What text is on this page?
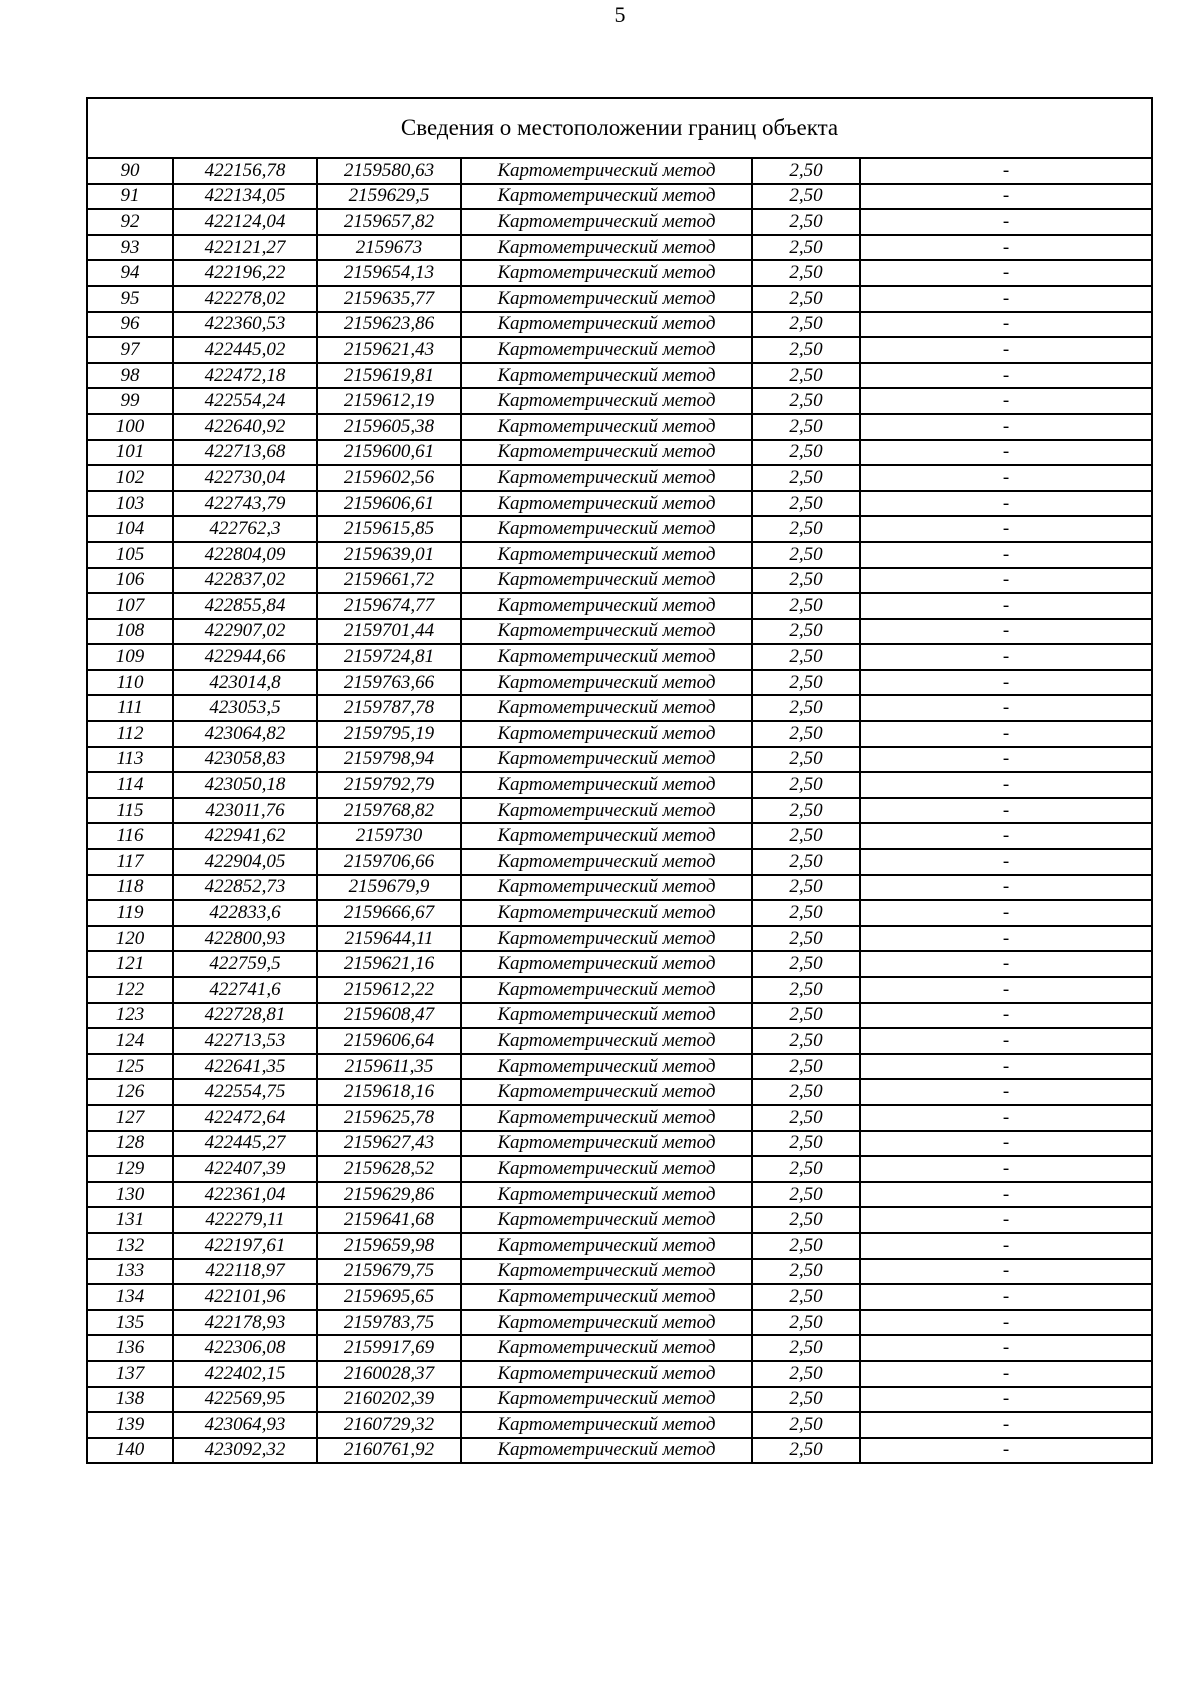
5
Сведения о местоположении границ объекта					
90	422156,78	2159580,63	Картометрический метод	2,50	-
91	422134,05	2159629,5	Картометрический метод	2,50	-
92	422124,04	2159657,82	Картометрический метод	2,50	-
93	422121,27	2159673	Картометрический метод	2,50	-
94	422196,22	2159654,13	Картометрический метод	2,50	-
95	422278,02	2159635,77	Картометрический метод	2,50	-
96	422360,53	2159623,86	Картометрический метод	2,50	-
97	422445,02	2159621,43	Картометрический метод	2,50	-
98	422472,18	2159619,81	Картометрический метод	2,50	-
99	422554,24	2159612,19	Картометрический метод	2,50	-
100	422640,92	2159605,38	Картометрический метод	2,50	-
101	422713,68	2159600,61	Картометрический метод	2,50	-
102	422730,04	2159602,56	Картометрический метод	2,50	-
103	422743,79	2159606,61	Картометрический метод	2,50	-
104	422762,3	2159615,85	Картометрический метод	2,50	-
105	422804,09	2159639,01	Картометрический метод	2,50	-
106	422837,02	2159661,72	Картометрический метод	2,50	-
107	422855,84	2159674,77	Картометрический метод	2,50	-
108	422907,02	2159701,44	Картометрический метод	2,50	-
109	422944,66	2159724,81	Картометрический метод	2,50	-
110	423014,8	2159763,66	Картометрический метод	2,50	-
111	423053,5	2159787,78	Картометрический метод	2,50	-
112	423064,82	2159795,19	Картометрический метод	2,50	-
113	423058,83	2159798,94	Картометрический метод	2,50	-
114	423050,18	2159792,79	Картометрический метод	2,50	-
115	423011,76	2159768,82	Картометрический метод	2,50	-
116	422941,62	2159730	Картометрический метод	2,50	-
117	422904,05	2159706,66	Картометрический метод	2,50	-
118	422852,73	2159679,9	Картометрический метод	2,50	-
119	422833,6	2159666,67	Картометрический метод	2,50	-
120	422800,93	2159644,11	Картометрический метод	2,50	-
121	422759,5	2159621,16	Картометрический метод	2,50	-
122	422741,6	2159612,22	Картометрический метод	2,50	-
123	422728,81	2159608,47	Картометрический метод	2,50	-
124	422713,53	2159606,64	Картометрический метод	2,50	-
125	422641,35	2159611,35	Картометрический метод	2,50	-
126	422554,75	2159618,16	Картометрический метод	2,50	-
127	422472,64	2159625,78	Картометрический метод	2,50	-
128	422445,27	2159627,43	Картометрический метод	2,50	-
129	422407,39	2159628,52	Картометрический метод	2,50	-
130	422361,04	2159629,86	Картометрический метод	2,50	-
131	422279,11	2159641,68	Картометрический метод	2,50	-
132	422197,61	2159659,98	Картометрический метод	2,50	-
133	422118,97	2159679,75	Картометрический метод	2,50	-
134	422101,96	2159695,65	Картометрический метод	2,50	-
135	422178,93	2159783,75	Картометрический метод	2,50	-
136	422306,08	2159917,69	Картометрический метод	2,50	-
137	422402,15	2160028,37	Картометрический метод	2,50	-
138	422569,95	2160202,39	Картометрический метод	2,50	-
139	423064,93	2160729,32	Картометрический метод	2,50	-
140	423092,32	2160761,92	Картометрический метод	2,50	-
